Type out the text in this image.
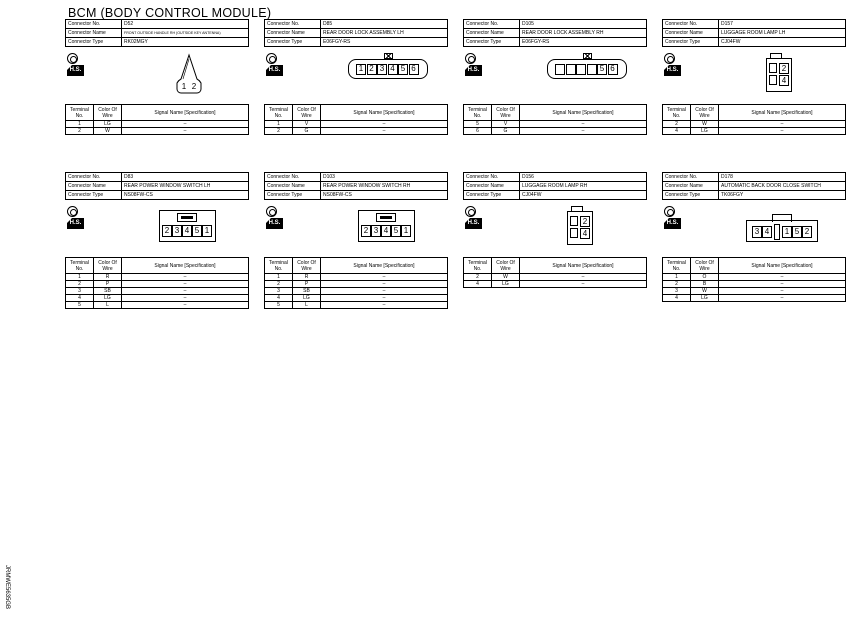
BCM (BODY CONTROL MODULE)
Connector No.	D52
Connector Name	FRONT OUTSIDE HANDLE RH (OUTSIDE KEY ANTENNA)
Connector Type	RK02MGY
H.S.
1 2
Terminal No.	Color Of Wire	Signal Name [Specification]
1	LG	–
2	W	–
Connector No.	D85
Connector Name	REAR DOOR LOCK ASSEMBLY LH
Connector Type	E06FGY-RS
H.S.	1 2 3 4 5 6
Terminal No.	Color Of Wire	Signal Name [Specification]
1	V	–
2	G	–
Connector No.	D105
Connector Name	REAR DOOR LOCK ASSEMBLY RH
Connector Type	E06FGY-RS
H.S.	5 6
Terminal No.	Color Of Wire	Signal Name [Specification]
5	V	–
6	G	–
Connector No.	D157
Connector Name	LUGGAGE ROOM LAMP LH
Connector Type	CJ04FW
H.S.	2
4
Terminal No.	Color Of Wire	Signal Name [Specification]
2	W	–
4	LG	–
Connector No.	D83
Connector Name	REAR POWER WINDOW SWITCH LH
Connector Type	NS08FW-CS
H.S.
2 3 4 5 1
Terminal No.	Color Of Wire	Signal Name [Specification]
1	R	–
2	P	–
3	SB	–
4	LG	–
5	L	–
Connector No.	D103
Connector Name	REAR POWER WINDOW SWITCH RH
Connector Type	NS08FW-CS
H.S.
2 3 4 5 1
Terminal No.	Color Of Wire	Signal Name [Specification]
1	R	–
2	P	–
3	SB	–
4	LG	–
5	L	–
Connector No.	D156
Connector Name	LUGGAGE ROOM LAMP RH
Connector Type	CJ04FW
H.S.	2
4
Terminal No.	Color Of Wire	Signal Name [Specification]
2	W	–
4	LG	–
Connector No.	D178
Connector Name	AUTOMATIC BACK DOOR CLOSE SWITCH
Connector Type	TK06FGY
H.S.
3 4	1 5 2
Terminal No.	Color Of Wire	Signal Name [Specification]
1	O	–
2	B	–
3	W	–
4	LG	–
JRMWE5635GB
